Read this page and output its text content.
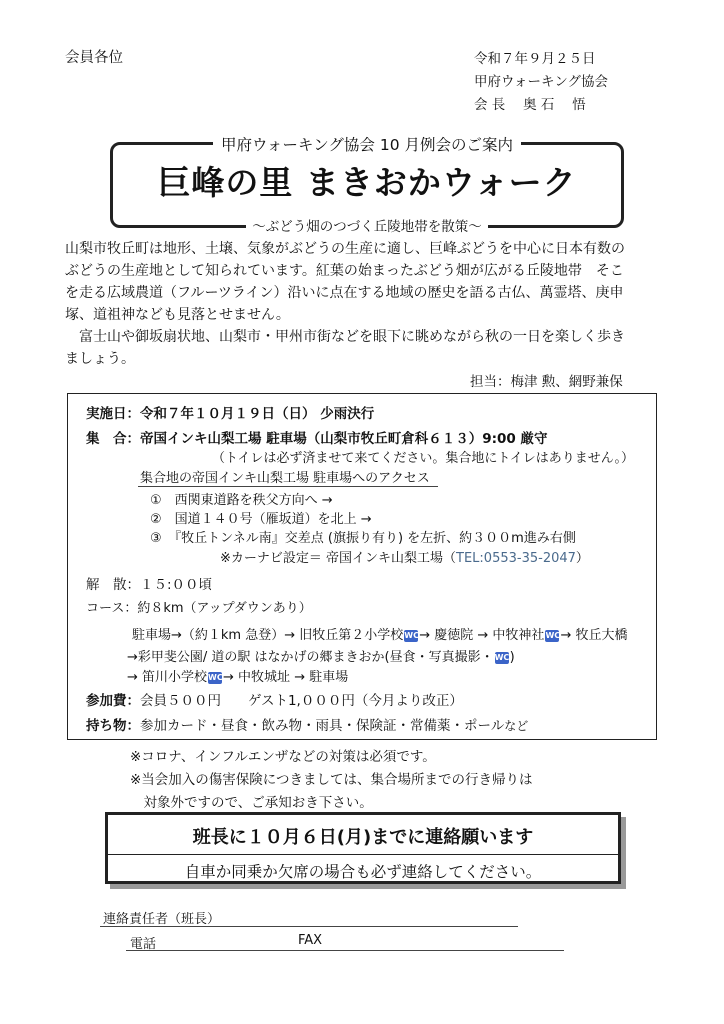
会員各位	令和７年９月２５日
甲府ウォーキング協会
会 長　 奥 石　 悟
甲府ウォーキング協会 10 月例会のご案内
巨峰の里 まきおかウォーク
～ぶどう畑のつづく丘陵地帯を散策～

山梨市牧丘町は地形、土壌、気象がぶどうの生産に適し、巨峰ぶどうを中心に日本有数の

ぶどうの生産地として知られています。紅葉の始まったぶどう畑が広がる丘陵地帯　そこ

を走る広域農道（フルーツライン）沿いに点在する地域の歴史を語る古仏、萬霊塔、庚申

塚、道祖神なども見落とせません。

　富士山や御坂扇状地、山梨市・甲州市街などを眼下に眺めながら秋の一日を楽しく歩き

ましょう。

担当：梅津 勲、網野兼保
実施日：令和７年１０月１９日（日） 少雨決行
集　合：帝国インキ山梨工場 駐車場（山梨市牧丘町倉科６１３）9:00 厳守
（トイレは必ず済ませて来てください。集合地にトイレはありません。）
集合地の帝国インキ山梨工場 駐車場へのアクセス
①　西関東道路を秩父方向へ →
②　国道１４０号（雁坂道）を北上 →
③　『牧丘トンネル南』交差点 (旗振り有り) を左折、約３００m進み右側
※カーナビ設定＝ 帝国インキ山梨工場（TEL:0553-35-2047）
解　散：１５:００頃
コース：約８km（アップダウンあり）
駐車場→（約１km 急登）→ 旧牧丘第２小学校WC→ 慶徳院 → 中牧神社WC→ 牧丘大橋
→彩甲斐公園/ 道の駅 はなかげの郷まきおか(昼食・写真撮影・WC)
→ 笛川小学校WC→ 中牧城址 → 駐車場
参加費：会員５００円　　ゲスト1,０００円（今月より改正）
持ち物：参加カード・昼食・飲み物・雨具・保険証・常備薬・ポールなど
※コロナ、インフルエンザなどの対策は必須です。
※当会加入の傷害保険につきましては、集合場所までの行き帰りは
　対象外ですので、ご承知おき下さい。
班長に１０月６日(月)までに連絡願います
自車か同乗か欠席の場合も必ず連絡してください。
連絡責任者（班長）
電話	FAX
